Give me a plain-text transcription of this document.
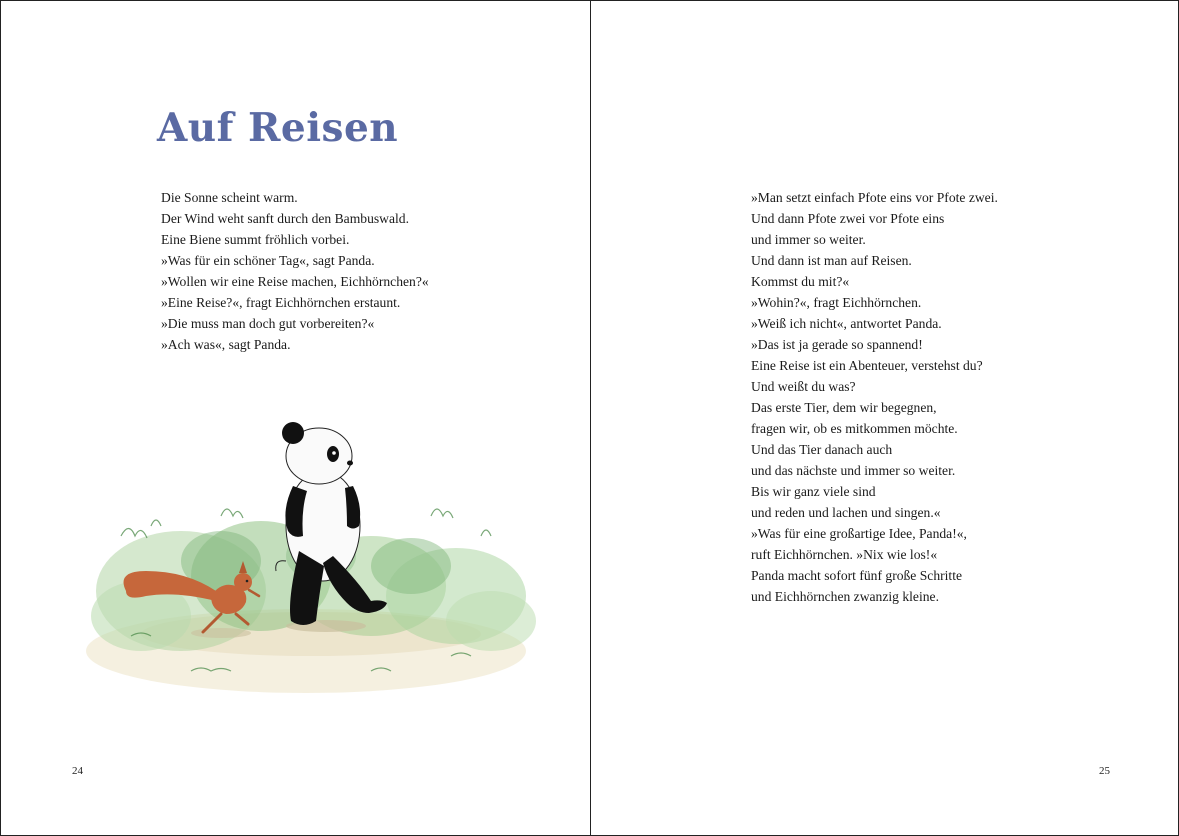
Auf Reisen
Die Sonne scheint warm.
Der Wind weht sanft durch den Bambuswald.
Eine Biene summt fröhlich vorbei.
»Was für ein schöner Tag«, sagt Panda.
»Wollen wir eine Reise machen, Eichhörnchen?«
»Eine Reise?«, fragt Eichhörnchen erstaunt.
»Die muss man doch gut vorbereiten?«
»Ach was«, sagt Panda.
24
»Man setzt einfach Pfote eins vor Pfote zwei.
Und dann Pfote zwei vor Pfote eins
und immer so weiter.
Und dann ist man auf Reisen.
Kommst du mit?«
»Wohin?«, fragt Eichhörnchen.
»Weiß ich nicht«, antwortet Panda.
»Das ist ja gerade so spannend!
Eine Reise ist ein Abenteuer, verstehst du?
Und weißt du was?
Das erste Tier, dem wir begegnen,
fragen wir, ob es mitkommen möchte.
Und das Tier danach auch
und das nächste und immer so weiter.
Bis wir ganz viele sind
und reden und lachen und singen.«
»Was für eine großartige Idee, Panda!«,
ruft Eichhörnchen. »Nix wie los!«
Panda macht sofort fünf große Schritte
und Eichhörnchen zwanzig kleine.
25
